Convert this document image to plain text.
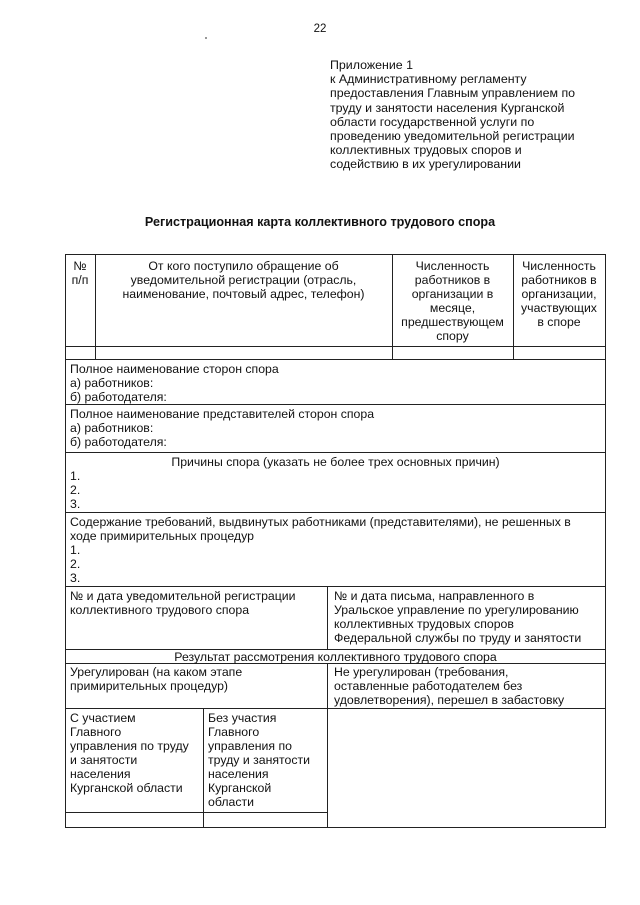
22
Приложение 1
к Административному регламенту
предоставления Главным управлением по
труду и занятости населения Курганской
области государственной услуги по
проведению уведомительной регистрации
коллективных трудовых споров и
содействию в их урегулировании
Регистрационная карта коллективного трудового спора
№
п/п
От кого поступило обращение об
уведомительной регистрации (отрасль,
наименование, почтовый адрес, телефон)
Численность
работников в
организации в
месяце,
предшествующем
спору
Численность
работников в
организации,
участвующих
в споре
Полное наименование сторон спора
а) работников:
б) работодателя:
Полное наименование представителей сторон спора
а) работников:
б) работодателя:
Причины спора (указать не более трех основных причин)
1.
2.
3.
Содержание требований, выдвинутых работниками (представителями), не решенных в
ходе примирительных процедур
1.
2.
3.
№ и дата уведомительной регистрации
коллективного трудового спора
№ и дата письма, направленного в
Уральское управление по урегулированию
коллективных трудовых споров
Федеральной службы по труду и занятости
Результат рассмотрения коллективного трудового спора
Урегулирован (на каком этапе
примирительных процедур)
Не урегулирован (требования,
оставленные работодателем без
удовлетворения), перешел в забастовку
С участием
Главного
управления по труду
и занятости
населения
Курганской области
Без участия
Главного
управления по
труду и занятости
населения
Курганской
области
